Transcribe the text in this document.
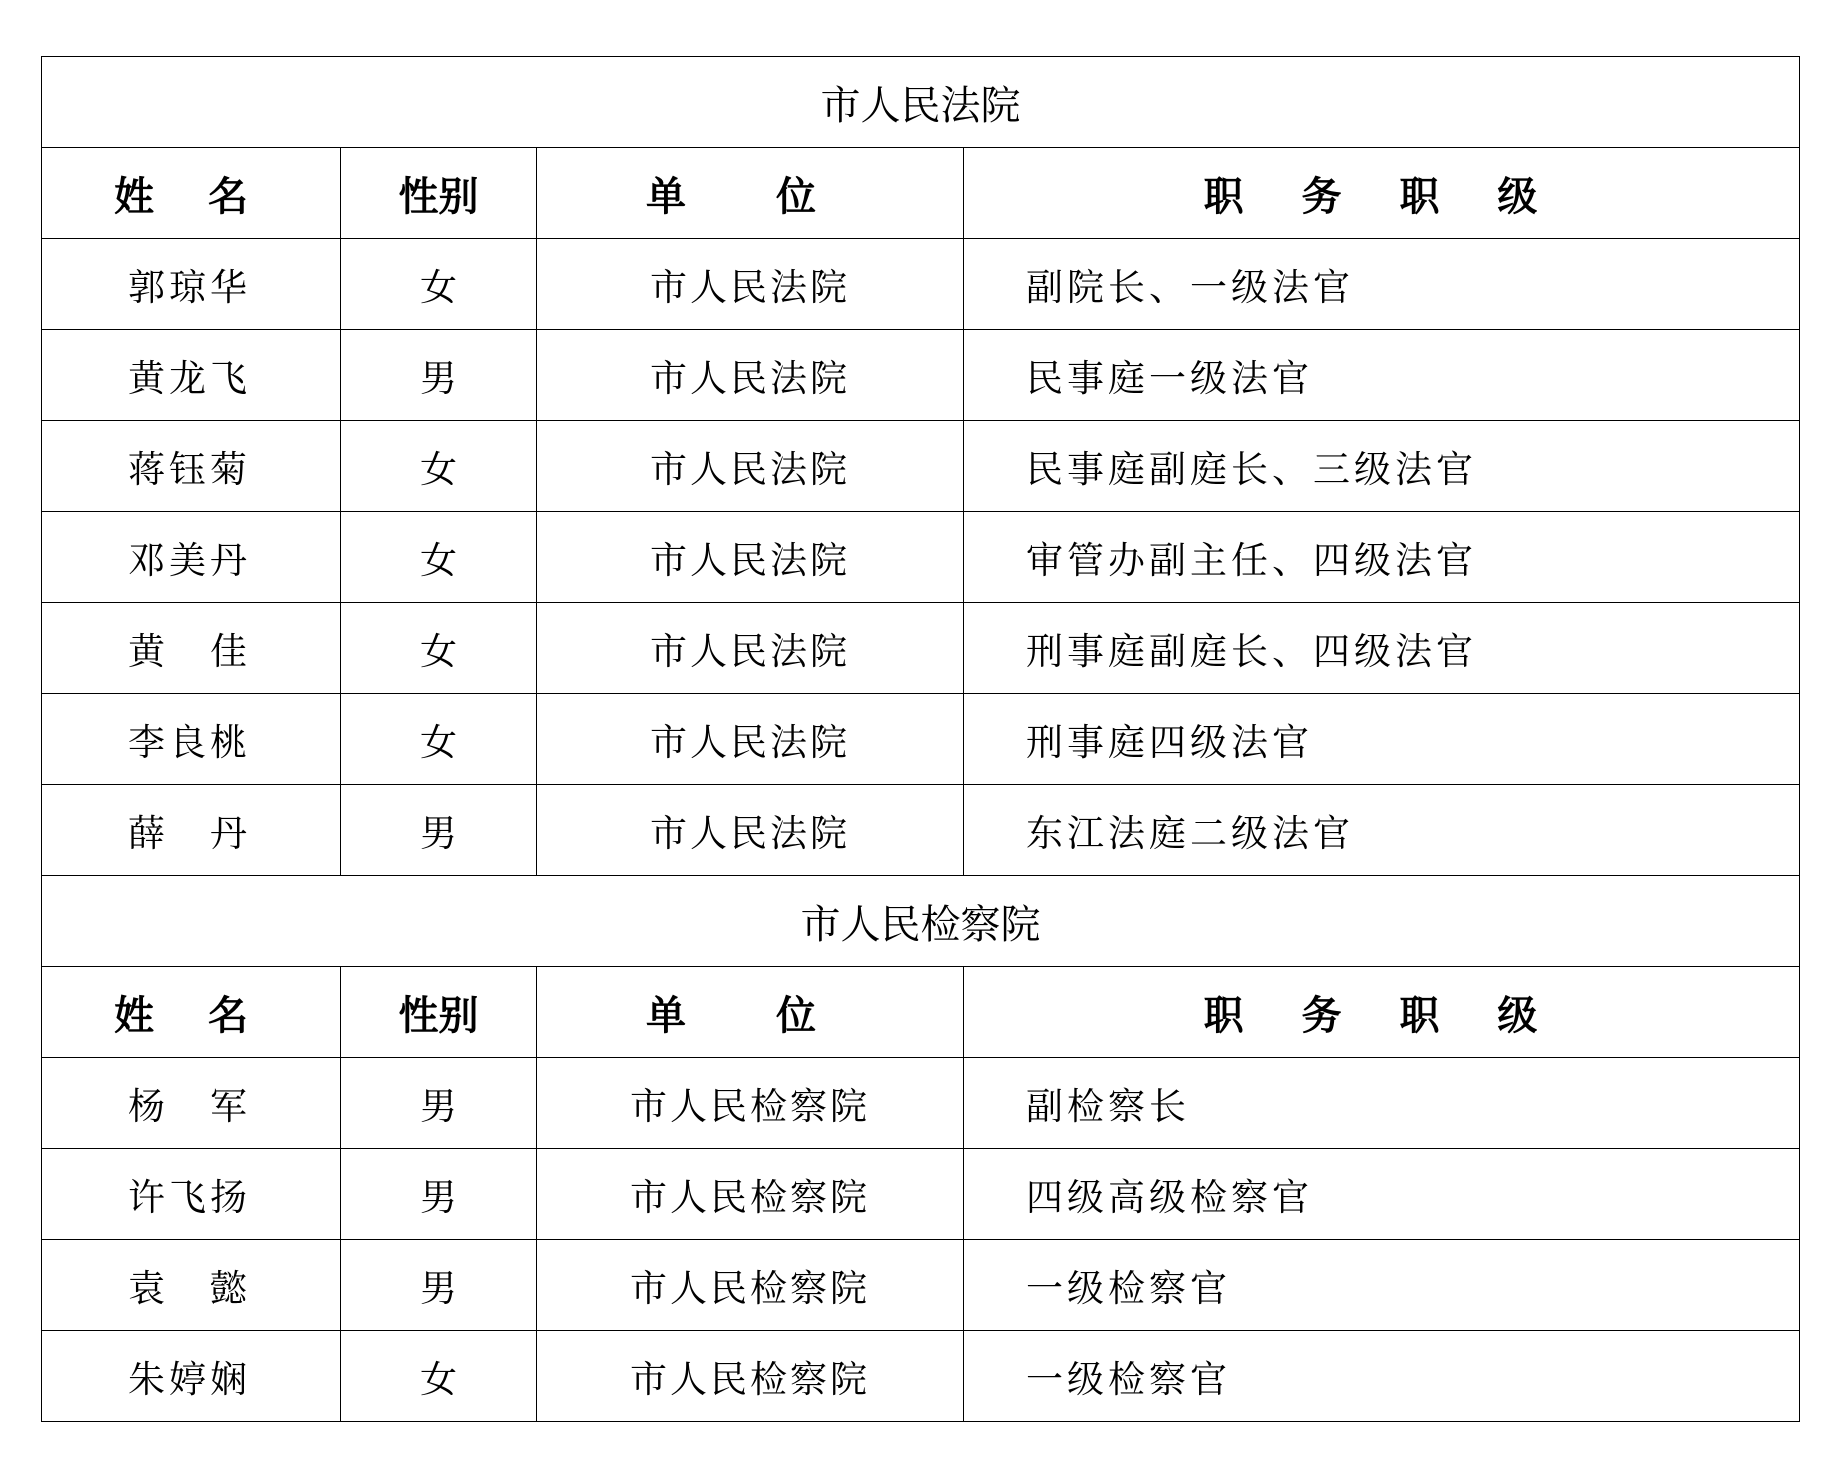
市人民法院			
姓 名	性别	单 位	职 务 职 级
郭琼华	女	市人民法院	副院长、一级法官
黄龙飞	男	市人民法院	民事庭一级法官
蒋钰菊	女	市人民法院	民事庭副庭长、三级法官
邓美丹	女	市人民法院	审管办副主任、四级法官
黄　佳	女	市人民法院	刑事庭副庭长、四级法官
李良桃	女	市人民法院	刑事庭四级法官
薛　丹	男	市人民法院	东江法庭二级法官
市人民检察院			
姓 名	性别	单 位	职 务 职 级
杨　军	男	市人民检察院	副检察长
许飞扬	男	市人民检察院	四级高级检察官
袁　懿	男	市人民检察院	一级检察官
朱婷娴	女	市人民检察院	一级检察官
